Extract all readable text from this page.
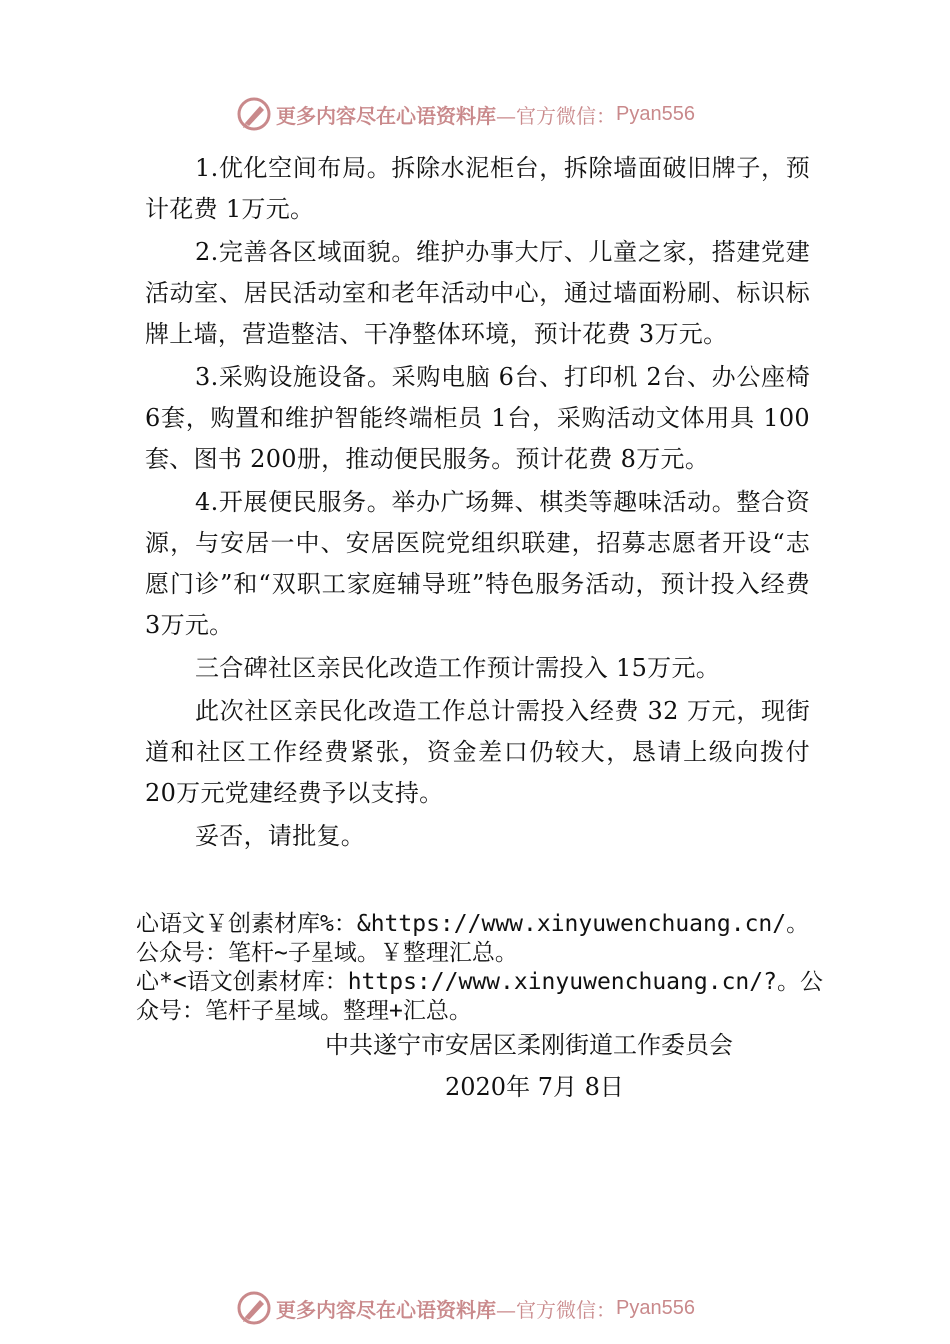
更多内容尽在心语资料库 —官方微信： Pyan556

1.优化空间布局。拆除水泥柜台，拆除墙面破旧牌子，预计花费 1万元。

2.完善各区域面貌。维护办事大厅、儿童之家，搭建党建活动室、居民活动室和老年活动中心，通过墙面粉刷、标识标牌上墙，营造整洁、干净整体环境，预计花费 3万元。

3.采购设施设备。采购电脑 6台、打印机 2台、办公座椅 6套，购置和维护智能终端柜员 1台，采购活动文体用具 100套、图书 200册，推动便民服务。预计花费 8万元。

4.开展便民服务。举办广场舞、棋类等趣味活动。整合资源，与安居一中、安居医院党组织联建，招募志愿者开设“志愿门诊”和“双职工家庭辅导班”特色服务活动，预计投入经费 3万元。

三合碑社区亲民化改造工作预计需投入 15万元。

此次社区亲民化改造工作总计需投入经费 32 万元，现街道和社区工作经费紧张，资金差口仍较大，恳请上级向拨付 20万元党建经费予以支持。

妥否，请批复。

心语文￥创素材库%：&https://www.xinyuwenchuang.cn/。公众号：笔杆~子星域。￥整理汇总。

心*<语文创素材库：https://www.xinyuwenchuang.cn/?。公众号：笔杆子星域。整理+汇总。

中共遂宁市安居区柔刚街道工作委员会
2020年 7月 8日
更多内容尽在心语资料库 —官方微信： Pyan556
